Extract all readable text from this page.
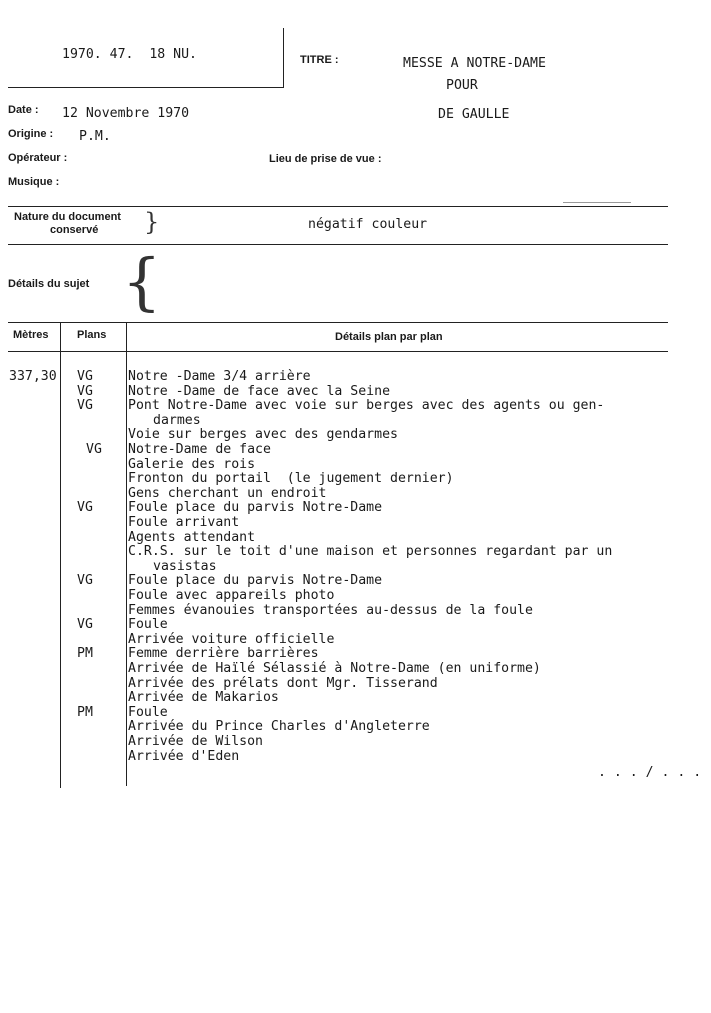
1970. 47.  18 NU.	TITRE :	MESSE A NOTRE-DAME
POUR
DE GAULLE
Date : 12 Novembre 1970
Origine : P.M.
Opérateur :	Lieu de prise de vue :
Musique :
Nature du document
conservé }	négatif couleur
Détails du sujet {
Mètres	Plans	Détails plan par plan
337,30 VG	Notre -Dame 3/4 arrière
VG	Notre -Dame de face avec la Seine
VG	Pont Notre-Dame avec voie sur berges avec des agents ou gen-
darmes
Voie sur berges avec des gendarmes
VG Notre-Dame de face
Galerie des rois
Fronton du portail  (le jugement dernier)
Gens cherchant un endroit
VG	Foule place du parvis Notre-Dame
Foule arrivant
Agents attendant
C.R.S. sur le toit d'une maison et personnes regardant par un
vasistas
VG	Foule place du parvis Notre-Dame
Foule avec appareils photo
Femmes évanouies transportées au-dessus de la foule
VG	Foule
Arrivée voiture officielle
PM	Femme derrière barrières
Arrivée de Haïlé Sélassié à Notre-Dame (en uniforme)
Arrivée des prélats dont Mgr. Tisserand
Arrivée de Makarios
PM	Foule
Arrivée du Prince Charles d'Angleterre
Arrivée de Wilson
Arrivée d'Eden
. . . / . . .
